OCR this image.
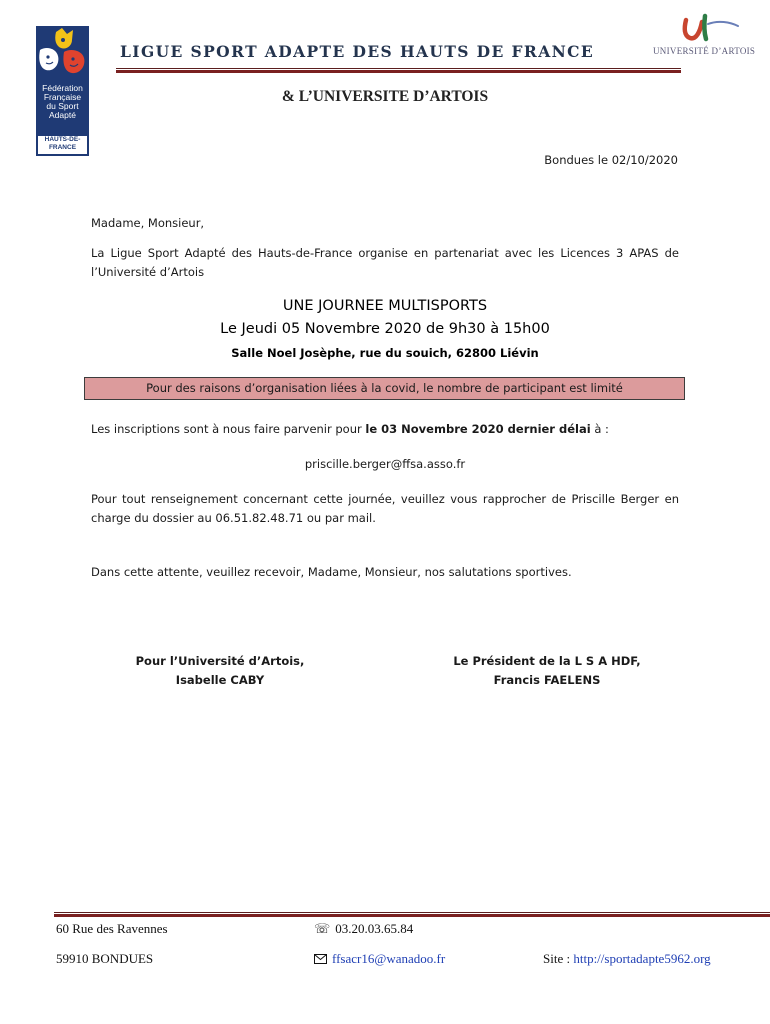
Fédération
Française
du Sport
Adapté
HAUTS-DE-
FRANCE
LIGUE SPORT ADAPTE DES HAUTS DE FRANCE	UNIVERSITÉ D’ARTOIS
& L’UNIVERSITE D’ARTOIS
Bondues le 02/10/2020
Madame, Monsieur,
La Ligue Sport Adapté des Hauts-de-France organise en partenariat avec les Licences 3 APAS de l’Université d’Artois
UNE JOURNEE MULTISPORTS
Le Jeudi 05 Novembre 2020 de 9h30 à 15h00
Salle Noel Josèphe, rue du souich, 62800 Liévin
Pour des raisons d’organisation liées à la covid, le nombre de participant est limité
Les inscriptions sont à nous faire parvenir pour le 03 Novembre 2020 dernier délai à :
priscille.berger@ffsa.asso.fr
Pour tout renseignement concernant cette journée, veuillez vous rapprocher de Priscille Berger en charge du dossier au 06.51.82.48.71 ou par mail.
Dans cette attente, veuillez recevoir, Madame, Monsieur, nos salutations sportives.
Pour l’Université d’Artois,
Isabelle CABY
Le Président de la L S A HDF,
Francis FAELENS
60 Rue des Ravennes
59910 BONDUES
☏ 03.20.03.65.84
ffsacr16@wanadoo.fr	Site : http://sportadapte5962.org
